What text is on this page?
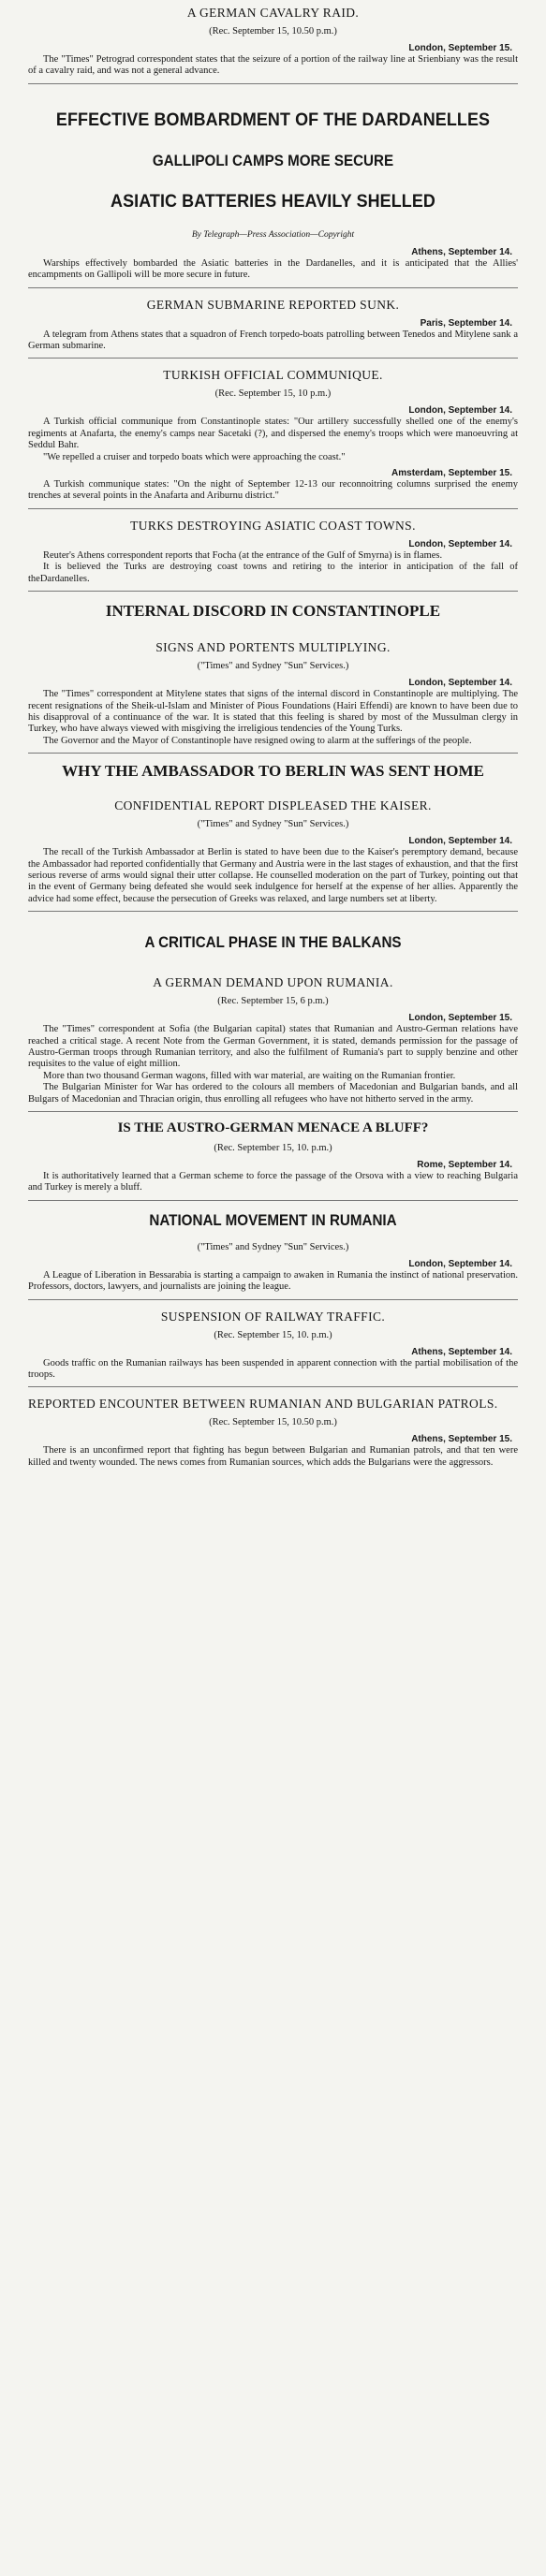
A GERMAN CAVALRY RAID.
(Rec. September 15, 10.50 p.m.)
London, September 15.

The "Times" Petrograd correspondent states that the seizure of a portion of the railway line at Srienbiany was the result of a cavalry raid, and was not a general advance.

EFFECTIVE BOMBARDMENT OF THE DARDANELLES
GALLIPOLI CAMPS MORE SECURE
ASIATIC BATTERIES HEAVILY SHELLED
By Telegraph—Press Association—Copyright
Athens, September 14.

Warships effectively bombarded the Asiatic batteries in the Dardanelles, and it is anticipated that the Allies' encampments on Gallipoli will be more secure in future.

GERMAN SUBMARINE REPORTED SUNK.
Paris, September 14.

A telegram from Athens states that a squadron of French torpedo-boats patrolling between Tenedos and Mitylene sank a German submarine.

TURKISH OFFICIAL COMMUNIQUE.
(Rec. September 15, 10 p.m.)
London, September 14.

A Turkish official communique from Constantinople states: "Our artillery successfully shelled one of the enemy's regiments at Anafarta, the enemy's camps near Sacetaki (?), and dispersed the enemy's troops which were manoeuvring at Seddul Bahr.

"We repelled a cruiser and torpedo boats which were approaching the coast."

Amsterdam, September 15.

A Turkish communique states: "On the night of September 12-13 our reconnoitring columns surprised the enemy trenches at several points in the Anafarta and Ariburnu district."

TURKS DESTROYING ASIATIC COAST TOWNS.
London, September 14.

Reuter's Athens correspondent reports that Focha (at the entrance of the Gulf of Smyrna) is in flames.

It is believed the Turks are destroying coast towns and retiring to the interior in anticipation of the fall of theDardanelles.

INTERNAL DISCORD IN CONSTANTINOPLE
SIGNS AND PORTENTS MULTIPLYING.
("Times" and Sydney "Sun" Services.)
London, September 14.

The "Times" correspondent at Mitylene states that signs of the internal discord in Constantinople are multiplying. The recent resignations of the Sheik-ul-Islam and Minister of Pious Foundations (Hairi Effendi) are known to have been due to his disapproval of a continuance of the war. It is stated that this feeling is shared by most of the Mussulman clergy in Turkey, who have always viewed with misgiving the irreligious tendencies of the Young Turks.

The Governor and the Mayor of Constantinople have resigned owing to alarm at the sufferings of the people.

WHY THE AMBASSADOR TO BERLIN WAS SENT HOME
CONFIDENTIAL REPORT DISPLEASED THE KAISER.
("Times" and Sydney "Sun" Services.)
London, September 14.

The recall of the Turkish Ambassador at Berlin is stated to have been due to the Kaiser's peremptory demand, because the Ambassador had reported confidentially that Germany and Austria were in the last stages of exhaustion, and that the first serious reverse of arms would signal their utter collapse. He counselled moderation on the part of Turkey, pointing out that in the event of Germany being defeated she would seek indulgence for herself at the expense of her allies. Apparently the advice had some effect, because the persecution of Greeks was relaxed, and large numbers set at liberty.

A CRITICAL PHASE IN THE BALKANS
A GERMAN DEMAND UPON RUMANIA.
(Rec. September 15, 6 p.m.)
London, September 15.

The "Times" correspondent at Sofia (the Bulgarian capital) states that Rumanian and Austro-German relations have reached a critical stage. A recent Note from the German Government, it is stated, demands permission for the passage of Austro-German troops through Rumanian territory, and also the fulfilment of Rumania's part to supply benzine and other requisites to the value of eight million.

More than two thousand German wagons, filled with war material, are waiting on the Rumanian frontier.

The Bulgarian Minister for War has ordered to the colours all members of Macedonian and Bulgarian bands, and all Bulgars of Macedonian and Thracian origin, thus enrolling all refugees who have not hitherto served in the army.

IS THE AUSTRO-GERMAN MENACE A BLUFF?
(Rec. September 15, 10. p.m.)
Rome, September 14.

It is authoritatively learned that a German scheme to force the passage of the Orsova with a view to reaching Bulgaria and Turkey is merely a bluff.

NATIONAL MOVEMENT IN RUMANIA
("Times" and Sydney "Sun" Services.)
London, September 14.

A League of Liberation in Bessarabia is starting a campaign to awaken in Rumania the instinct of national preservation. Professors, doctors, lawyers, and journalists are joining the league.

SUSPENSION OF RAILWAY TRAFFIC.
(Rec. September 15, 10. p.m.)
Athens, September 14.

Goods traffic on the Rumanian railways has been suspended in apparent connection with the partial mobilisation of the troops.

REPORTED ENCOUNTER BETWEEN RUMANIAN AND BULGARIAN PATROLS.
(Rec. September 15, 10.50 p.m.)
Athens, September 15.

There is an unconfirmed report that fighting has begun between Bulgarian and Rumanian patrols, and that ten were killed and twenty wounded. The news comes from Rumanian sources, which adds the Bulgarians were the aggressors.
